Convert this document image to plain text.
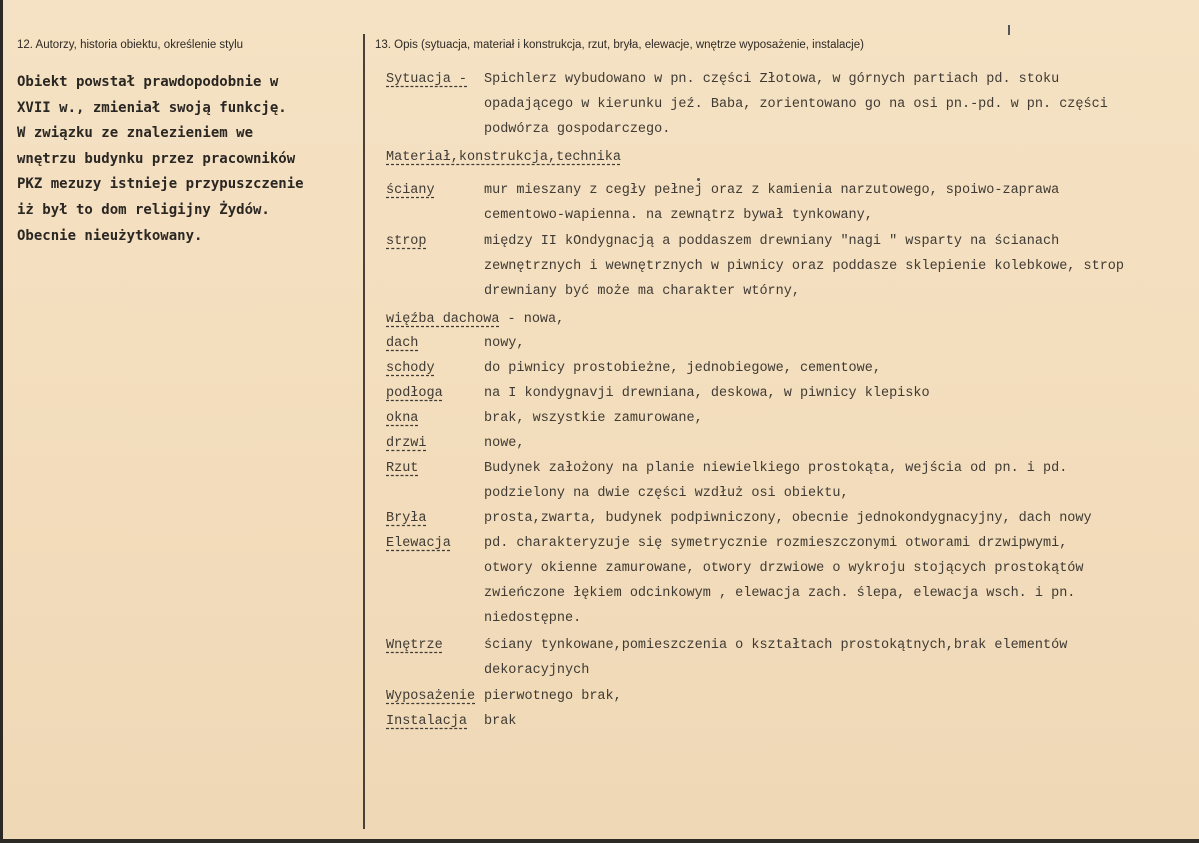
12. Autorzy, historia obiektu, określenie stylu	13. Opis (sytuacja, materiał i konstrukcja, rzut, bryła, elewacje, wnętrze wyposażenie, instalacje)
Obiekt powstał prawdopodobnie w
XVII w., zmieniał swoją funkcję.
W związku ze znalezieniem we
wnętrzu budynku przez pracowników
PKZ mezuzy istnieje przypuszczenie
iż był to dom religijny Żydów.
Obecnie nieużytkowany.
Sytuacja - Spichlerz wybudowano w pn. części Złotowa, w górnych partiach pd. stoku
opadającego w kierunku jeź. Baba, zorientowano go na osi pn.-pd. w pn. części
podwórza gospodarczego.
Materiał,konstrukcja,technika
ściany	mur mieszany z cegły pełnej oraz z kamienia narzutowego, spoiwo-zaprawa
cementowo-wapienna. na zewnątrz bywał tynkowany,
strop	między II kOndygnacją a poddaszem drewniany "nagi " wsparty na ścianach
zewnętrznych i wewnętrznych w piwnicy oraz poddasze sklepienie kolebkowe, strop
drewniany być może ma charakter wtórny,
więźba dachowa - nowa,
dach	nowy,
schody	do piwnicy prostobieżne, jednobiegowe, cementowe,
podłoga	na I kondygnavji drewniana, deskowa, w piwnicy klepisko
okna	brak, wszystkie zamurowane,
drzwi	nowe,
Rzut	Budynek założony na planie niewielkiego prostokąta, wejścia od pn. i pd.
podzielony na dwie części wzdłuż osi obiektu,
Bryła	prosta,zwarta, budynek podpiwniczony, obecnie jednokondygnacyjny, dach nowy
Elewacja pd. charakteryzuje się symetrycznie rozmieszczonymi otworami drzwipwymi,
otwory okienne zamurowane, otwory drzwiowe o wykroju stojących prostokątów
zwieńczone łękiem odcinkowym , elewacja zach. ślepa, elewacja wsch. i pn.
niedostępne.
Wnętrze	ściany tynkowane,pomieszczenia o kształtach prostokątnych,brak elementów
dekoracyjnych
Wyposażenie pierwotnego brak,
Instalacja brak
